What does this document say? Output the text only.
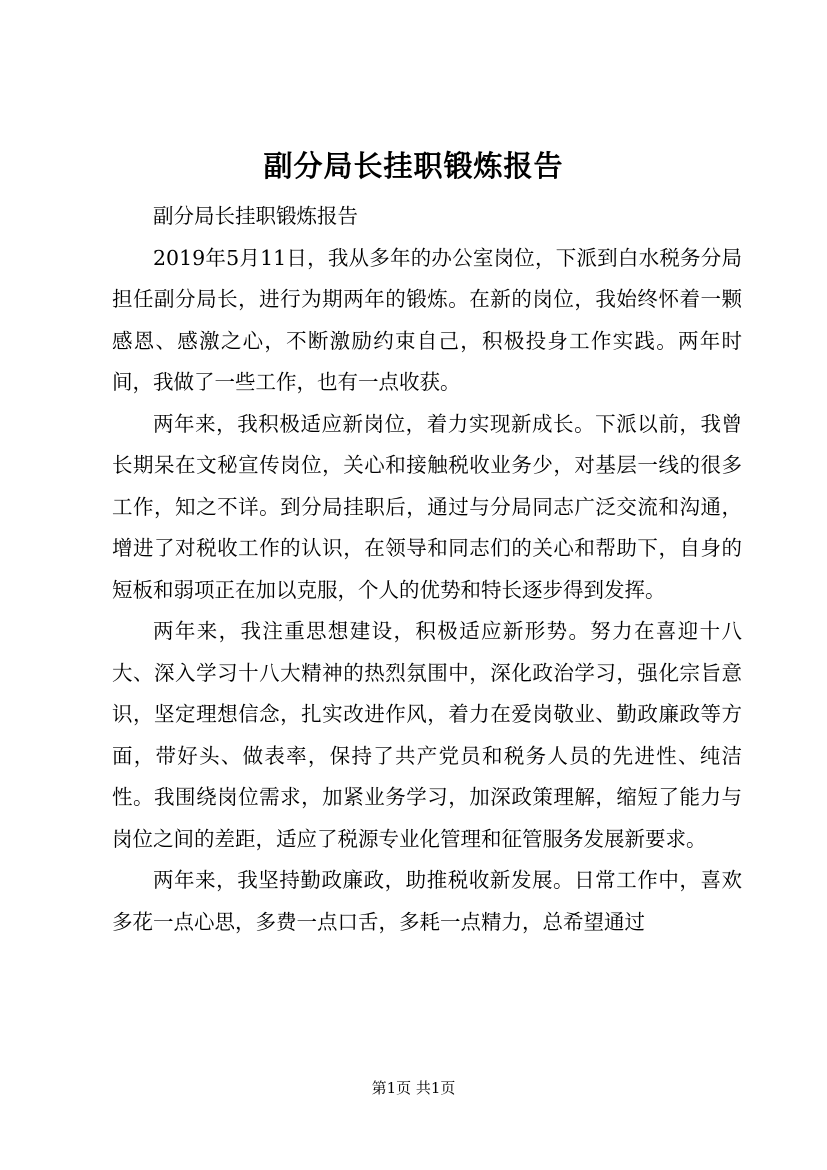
副分局长挂职锻炼报告

副分局长挂职锻炼报告

2019年5月11日，我从多年的办公室岗位，下派到白水税务分局担任副分局长，进行为期两年的锻炼。在新的岗位，我始终怀着一颗感恩、感激之心，不断激励约束自己，积极投身工作实践。两年时间，我做了一些工作，也有一点收获。

两年来，我积极适应新岗位，着力实现新成长。下派以前，我曾长期呆在文秘宣传岗位，关心和接触税收业务少，对基层一线的很多工作，知之不详。到分局挂职后，通过与分局同志广泛交流和沟通，增进了对税收工作的认识，在领导和同志们的关心和帮助下，自身的短板和弱项正在加以克服，个人的优势和特长逐步得到发挥。

两年来，我注重思想建设，积极适应新形势。努力在喜迎十八大、深入学习十八大精神的热烈氛围中，深化政治学习，强化宗旨意识，坚定理想信念，扎实改进作风，着力在爱岗敬业、勤政廉政等方面，带好头、做表率，保持了共产党员和税务人员的先进性、纯洁性。我围绕岗位需求，加紧业务学习，加深政策理解，缩短了能力与岗位之间的差距，适应了税源专业化管理和征管服务发展新要求。

两年来，我坚持勤政廉政，助推税收新发展。日常工作中，喜欢多花一点心思，多费一点口舌，多耗一点精力，总希望通过

第1页 共1页
